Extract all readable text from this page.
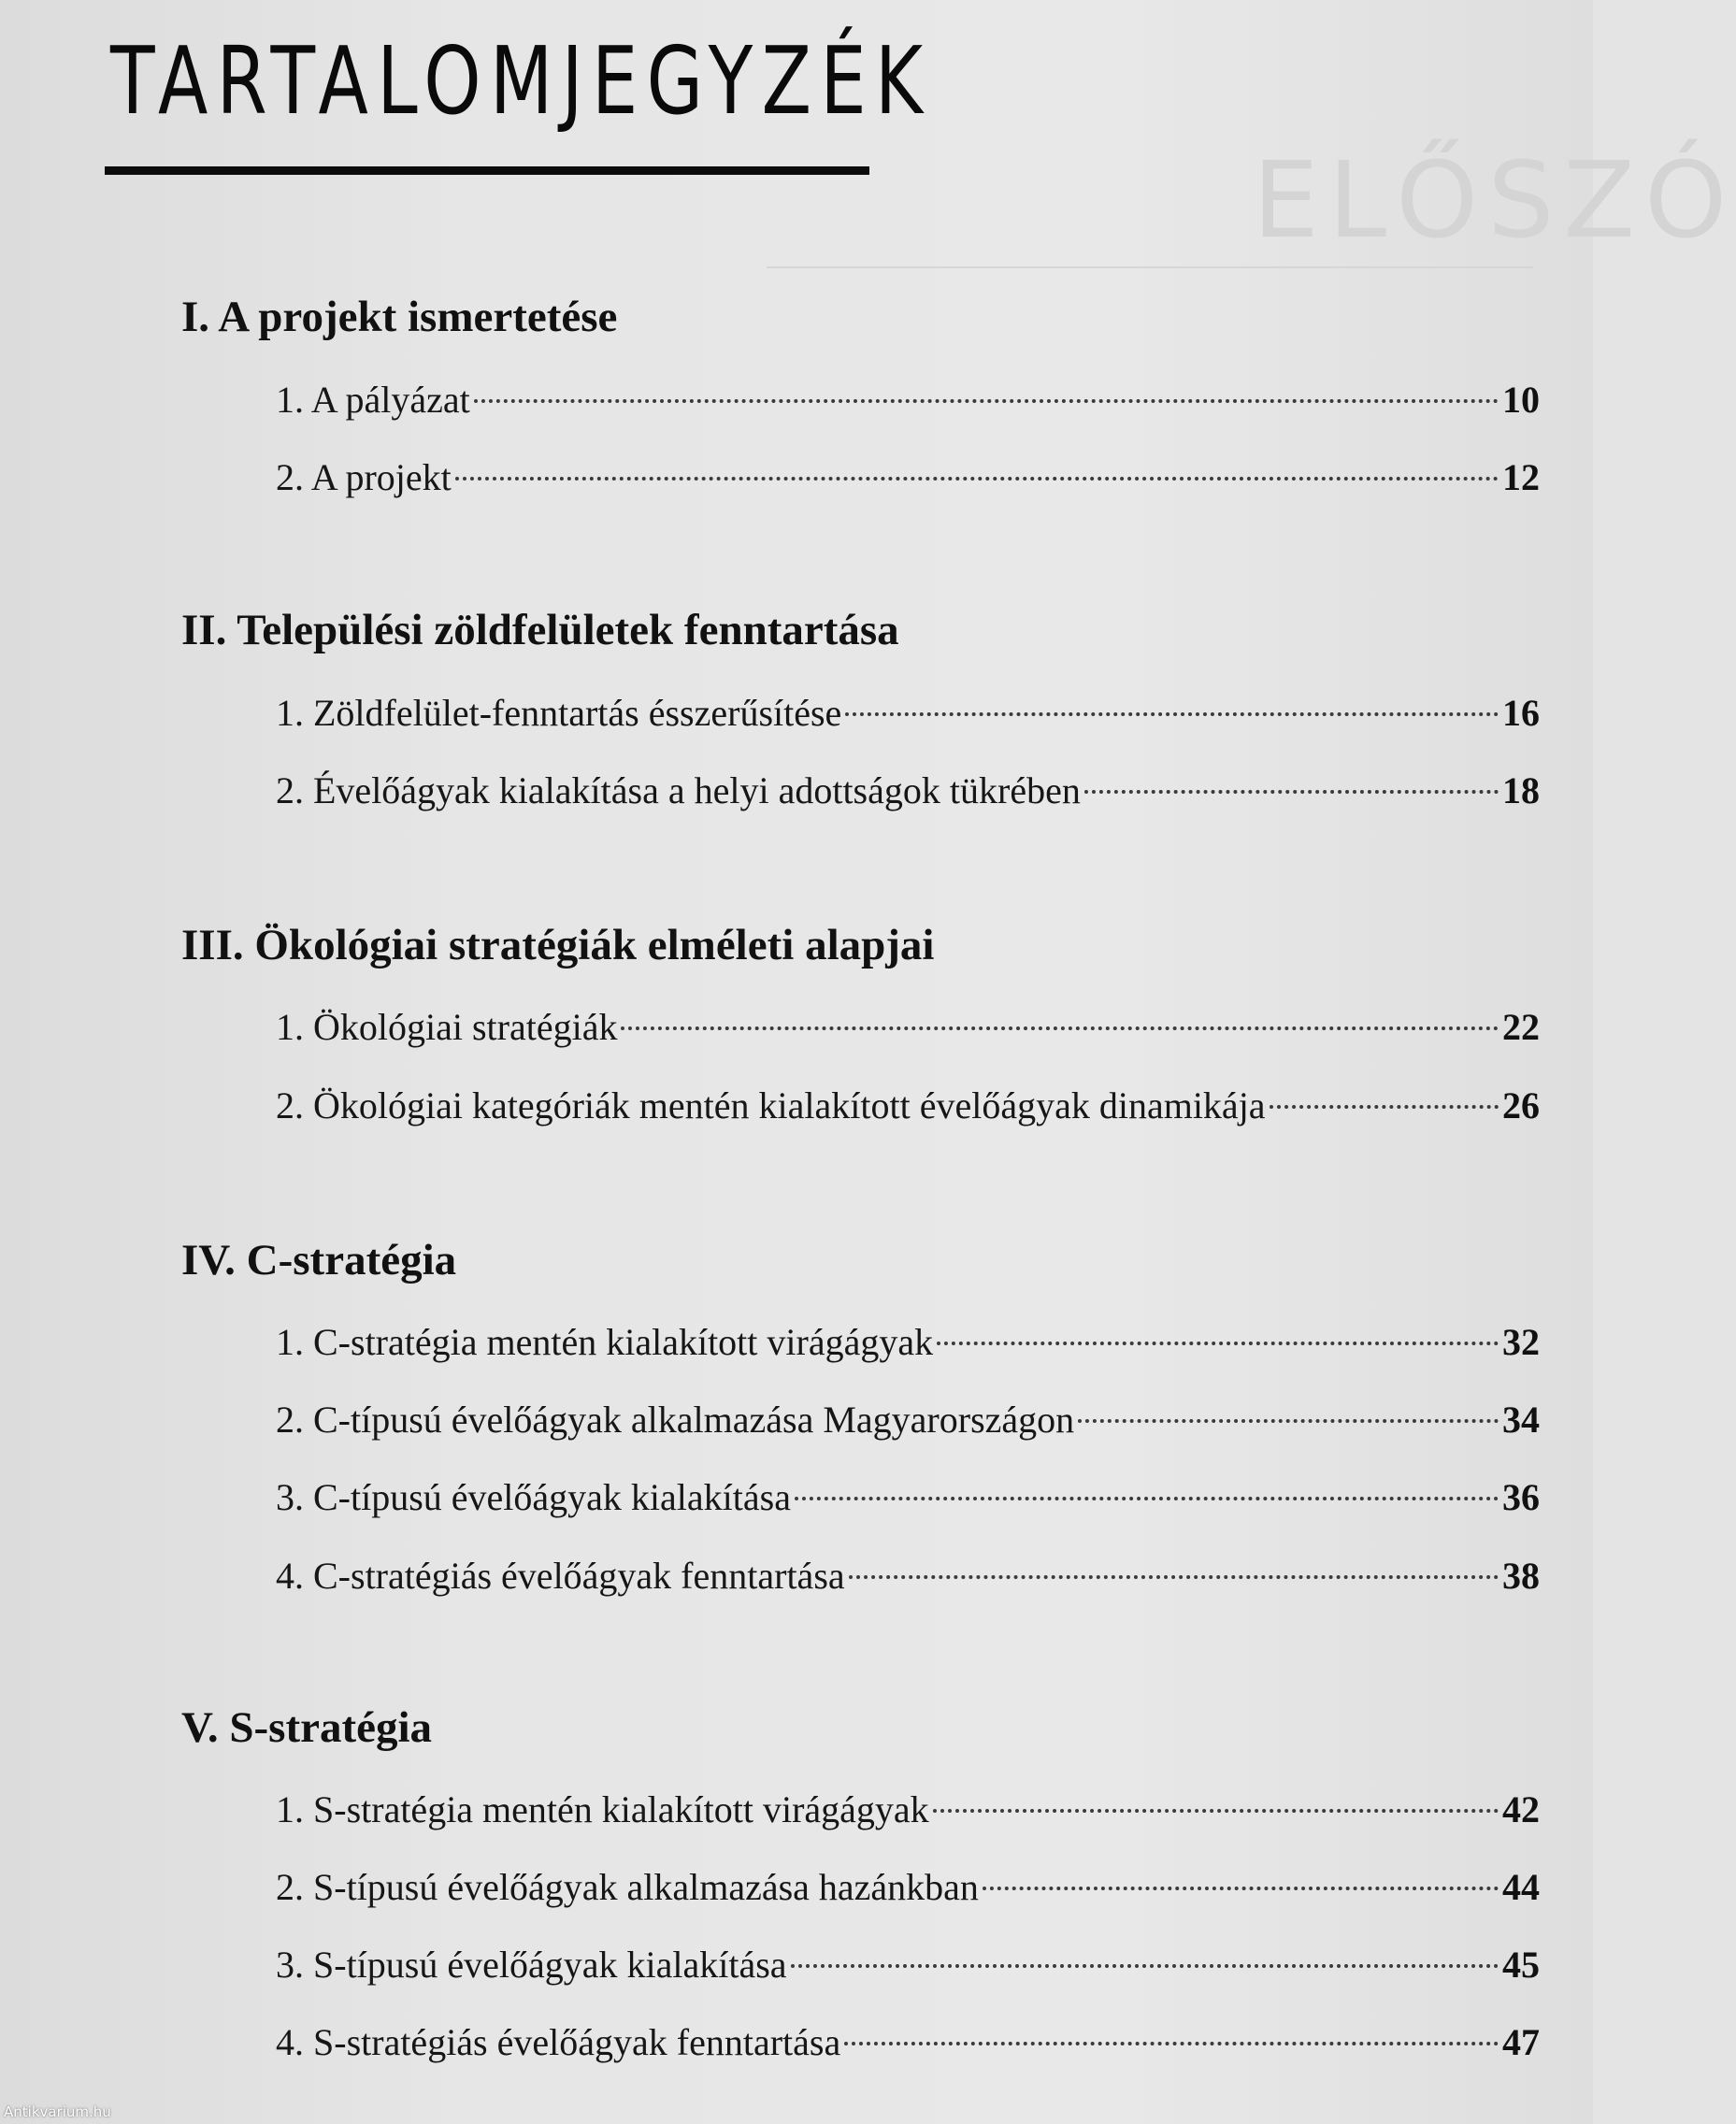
ELŐSZÓ
TARTALOMJEGYZÉK
I. A projekt ismertetése
1. A pályázat	10
2. A projekt	12
II. Települési zöldfelületek fenntartása
1. Zöldfelület-fenntartás ésszerűsítése	16
2. Évelőágyak kialakítása a helyi adottságok tükrében	18
III. Ökológiai stratégiák elméleti alapjai
1. Ökológiai stratégiák	22
2. Ökológiai kategóriák mentén kialakított évelőágyak dinamikája	26
IV. C-stratégia
1. C-stratégia mentén kialakított virágágyak	32
2. C-típusú évelőágyak alkalmazása Magyarországon	34
3. C-típusú évelőágyak kialakítása	36
4. C-stratégiás évelőágyak fenntartása	38
V. S-stratégia
1. S-stratégia mentén kialakított virágágyak	42
2. S-típusú évelőágyak alkalmazása hazánkban	44
3. S-típusú évelőágyak kialakítása	45
4. S-stratégiás évelőágyak fenntartása	47
Antikvarium.hu
